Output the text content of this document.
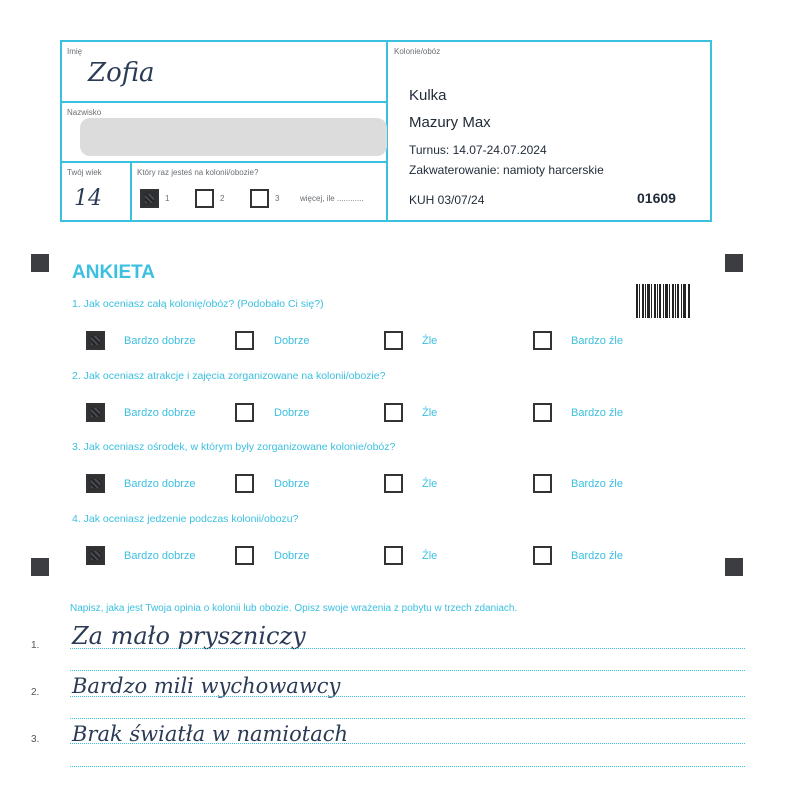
Imię
Zofia
Nazwisko
Twój wiek
14
Który raz jesteś na kolonii/obozie?
1	2	3	więcej, ile ............
Kolonie/obóz
Kulka
Mazury Max
Turnus: 14.07-24.07.2024
Zakwaterowanie: namioty harcerskie
KUH 03/07/24	01609
ANKIETA
1. Jak oceniasz całą kolonię/obóz? (Podobało Ci się?)
Bardzo dobrze	Dobrze	Źle	Bardzo źle
2. Jak oceniasz atrakcje i zajęcia zorganizowane na kolonii/obozie?
Bardzo dobrze	Dobrze	Źle	Bardzo źle
3. Jak oceniasz ośrodek, w którym były zorganizowane kolonie/obóz?
Bardzo dobrze	Dobrze	Źle	Bardzo źle
4. Jak oceniasz jedzenie podczas kolonii/obozu?
Bardzo dobrze	Dobrze	Źle	Bardzo źle
Napisz, jaka jest Twoja opinia o kolonii lub obozie. Opisz swoje wrażenia z pobytu w trzech zdaniach.
1. Za mało pryszniczy
2. Bardzo mili wychowawcy
3. Brak światła w namiotach
